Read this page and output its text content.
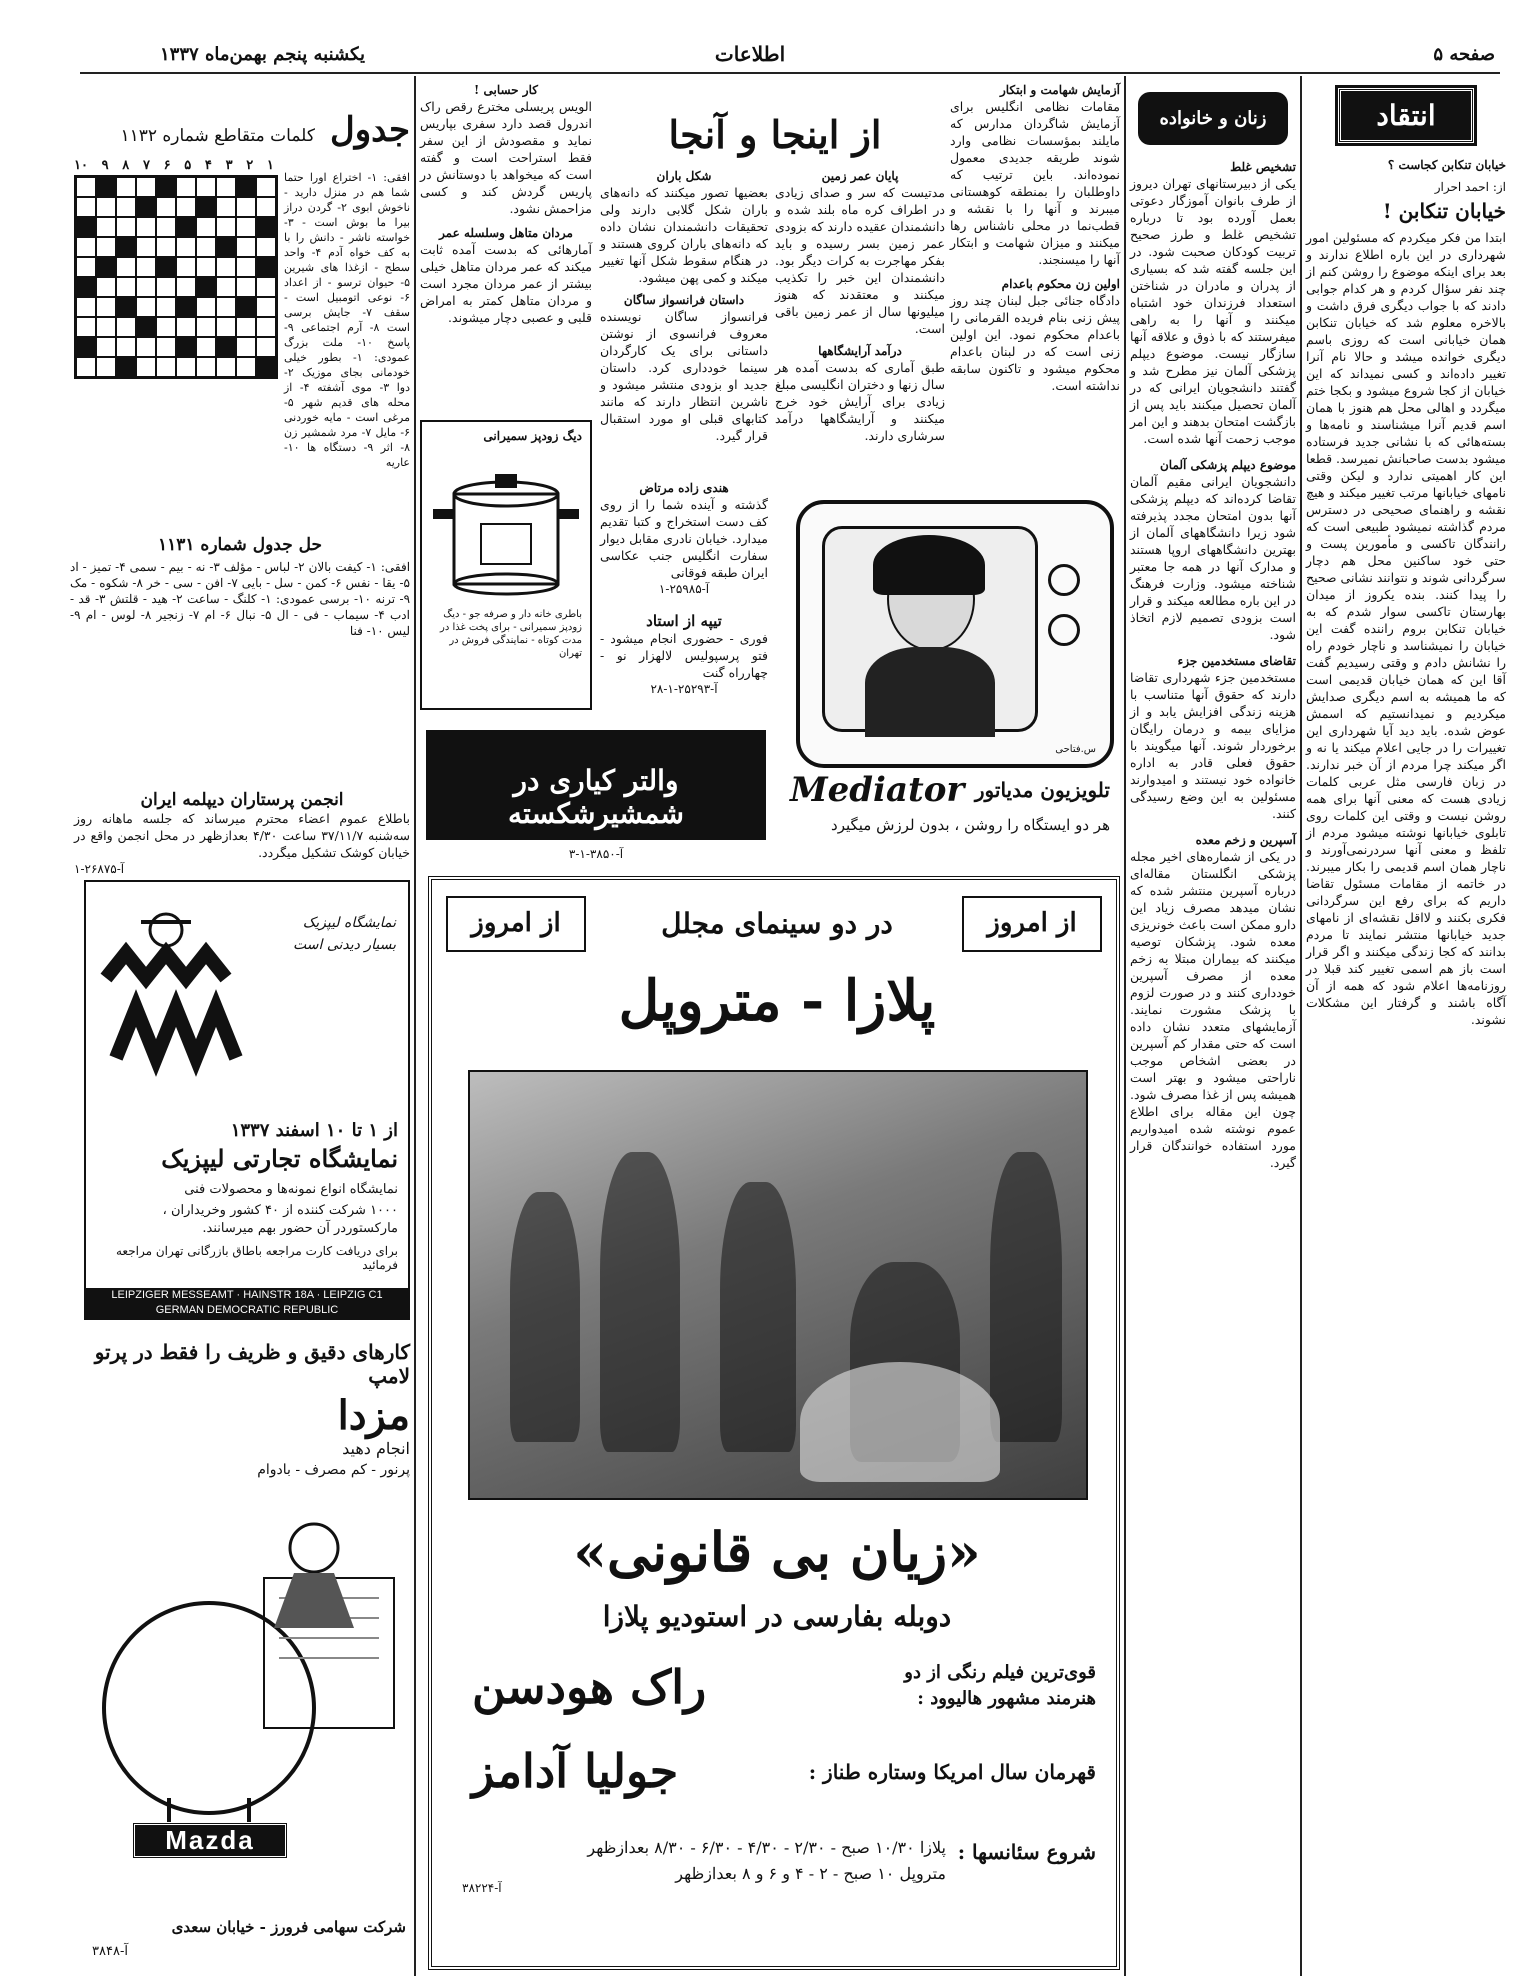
صفحه ۵
اطلاعات
یکشنبه پنجم بهمن‌ماه ۱۳۳۷
انتقاد
خیابان تنکابن کجاست ؟
از: احمد احرار
خیابان تنکابن !
ابتدا من فکر میکردم که مسئولین امور شهرداری در این باره اطلاع ندارند و بعد برای اینکه موضوع را روشن کنم از چند نفر سؤال کردم و هر کدام جوابی دادند که با جواب دیگری فرق داشت و بالاخره معلوم شد که خیابان تنکابن همان خیابانی است که روزی باسم دیگری خوانده میشد و حالا نام آنرا تغییر داده‌اند و کسی نمیداند که این خیابان از کجا شروع میشود و بکجا ختم میگردد و اهالی محل هم هنوز با همان اسم قدیم آنرا میشناسند و نامه‌ها و بسته‌هائی که با نشانی جدید فرستاده میشود بدست صاحبانش نمیرسد. قطعا این کار اهمیتی ندارد و لیکن وقتی نامهای خیابانها مرتب تغییر میکند و هیچ نقشه و راهنمای صحیحی در دسترس مردم گذاشته نمیشود طبیعی است که رانندگان تاکسی و مأمورین پست و حتی خود ساکنین محل هم دچار سرگردانی شوند و نتوانند نشانی صحیح را پیدا کنند. بنده یکروز از میدان بهارستان تاکسی سوار شدم که به خیابان تنکابن بروم راننده گفت این خیابان را نمیشناسد و ناچار خودم راه را نشانش دادم و وقتی رسیدیم گفت آقا این که همان خیابان قدیمی است که ما همیشه به اسم دیگری صدایش میکردیم و نمیدانستیم که اسمش عوض شده. باید دید آیا شهرداری این تغییرات را در جایی اعلام میکند یا نه و اگر میکند چرا مردم از آن خبر ندارند. در زبان فارسی مثل عربی کلمات زیادی هست که معنی آنها برای همه روشن نیست و وقتی این کلمات روی تابلوی خیابانها نوشته میشود مردم از تلفظ و معنی آنها سردرنمی‌آورند و ناچار همان اسم قدیمی را بکار میبرند. در خاتمه از مقامات مسئول تقاضا داریم که برای رفع این سرگردانی فکری بکنند و لااقل نقشه‌ای از نامهای جدید خیابانها منتشر نمایند تا مردم بدانند که کجا زندگی میکنند و اگر قرار است باز هم اسمی تغییر کند قبلا در روزنامه‌ها اعلام شود که همه از آن آگاه باشند و گرفتار این مشکلات نشوند.
زنان و خانواده
تشخیص غلط
یکی از دبیرستانهای تهران دیروز از طرف بانوان آموزگار دعوتی بعمل آورده بود تا درباره تشخیص غلط و طرز صحیح تربیت کودکان صحبت شود. در این جلسه گفته شد که بسیاری از پدران و مادران در شناختن استعداد فرزندان خود اشتباه میکنند و آنها را به راهی میفرستند که با ذوق و علاقه آنها سازگار نیست. موضوع دیپلم پزشکی آلمان نیز مطرح شد و گفتند دانشجویان ایرانی که در آلمان تحصیل میکنند باید پس از بازگشت امتحان بدهند و این امر موجب زحمت آنها شده است.
موضوع دیپلم پزشکی آلمان
دانشجویان ایرانی مقیم آلمان تقاضا کرده‌اند که دیپلم پزشکی آنها بدون امتحان مجدد پذیرفته شود زیرا دانشگاههای آلمان از بهترین دانشگاههای اروپا هستند و مدارک آنها در همه جا معتبر شناخته میشود. وزارت فرهنگ در این باره مطالعه میکند و قرار است بزودی تصمیم لازم اتخاذ شود.
تقاضای مستخدمین جزء
مستخدمین جزء شهرداری تقاضا دارند که حقوق آنها متناسب با هزینه زندگی افزایش یابد و از مزایای بیمه و درمان رایگان برخوردار شوند. آنها میگویند با حقوق فعلی قادر به اداره خانواده خود نیستند و امیدوارند مسئولین به این وضع رسیدگی کنند.
آسپرین و زخم معده
در یکی از شماره‌های اخیر مجله پزشکی انگلستان مقاله‌ای درباره آسپرین منتشر شده که نشان میدهد مصرف زیاد این دارو ممکن است باعث خونریزی معده شود. پزشکان توصیه میکنند که بیماران مبتلا به زخم معده از مصرف آسپرین خودداری کنند و در صورت لزوم با پزشک مشورت نمایند. آزمایشهای متعدد نشان داده است که حتی مقدار کم آسپرین در بعضی اشخاص موجب ناراحتی میشود و بهتر است همیشه پس از غذا مصرف شود. چون این مقاله برای اطلاع عموم نوشته شده امیدواریم مورد استفاده خوانندگان قرار گیرد.
آزمایش شهامت و ابتکار
مقامات نظامی انگلیس برای آزمایش شاگردان مدارس که مایلند بمؤسسات نظامی وارد شوند طریقه جدیدی معمول نموده‌اند. باین ترتیب که داوطلبان را بمنطقه کوهستانی میبرند و آنها را با نقشه و قطب‌نما در محلی ناشناس رها میکنند و میزان شهامت و ابتکار آنها را میسنجند.
اولین زن محکوم باعدام
دادگاه جنائی جبل لبنان چند روز پیش زنی بنام فریده القرمانی را باعدام محکوم نمود. این اولین زنی است که در لبنان باعدام محکوم میشود و تاکنون سابقه نداشته است.
از اینجا و آنجا
پایان عمر زمین
مدتیست که سر و صدای زیادی در اطراف کره ماه بلند شده و دانشمندان عقیده دارند که بزودی عمر زمین بسر رسیده و باید بفکر مهاجرت به کرات دیگر بود. دانشمندان این خبر را تکذیب میکنند و معتقدند که هنوز میلیونها سال از عمر زمین باقی است.
درآمد آرایشگاهها
طبق آماری که بدست آمده هر سال زنها و دختران انگلیسی مبلغ زیادی برای آرایش خود خرج میکنند و آرایشگاهها درآمد سرشاری دارند.
شکل باران
بعضیها تصور میکنند که دانه‌های باران شکل گلابی دارند ولی تحقیقات دانشمندان نشان داده که دانه‌های باران کروی هستند و در هنگام سقوط شکل آنها تغییر میکند و کمی پهن میشود.
داستان فرانسواز ساگان
فرانسواز ساگان نویسنده معروف فرانسوی از نوشتن داستانی برای یک کارگردان سینما خودداری کرد. داستان جدید او بزودی منتشر میشود و ناشرین انتظار دارند که مانند کتابهای قبلی او مورد استقبال قرار گیرد.
کار حسابی !
الویس پریسلی مخترع رقص راک اندرول قصد دارد سفری بپاریس نماید و مقصودش از این سفر فقط استراحت است و گفته است که میخواهد با دوستانش در پاریس گردش کند و کسی مزاحمش نشود.
مردان متاهل وسلسله عمر
آمارهائی که بدست آمده ثابت میکند که عمر مردان متاهل خیلی بیشتر از عمر مردان مجرد است و مردان متاهل کمتر به امراض قلبی و عصبی دچار میشوند.
دیگ زودپز سمیرانی
باطری خانه دار و صرفه جو - دیگ زودپز سمیرانی - برای پخت غذا در مدت کوتاه - نمایندگی فروش در تهران
هندی زاده مرتاض
گذشته و آینده شما را از روی کف دست استخراج و کتبا تقدیم میدارد. خیابان نادری مقابل دیوار سفارت انگلیس جنب عکاسی ایران طبقه فوقانی
آ-۲۵۹۸۵-۱
تیپه از استاد
فوری - حضوری انجام میشود - فتو پرسپولیس لالهزار نو - چهارراه گنت
آ-۲۵۲۹۳-۱-۲۸
س.فتاحی
Mediator تلویزیون مدیاتور
هر دو ایستگاه را روشن ، بدون لرزش میگیرد
والتر کیاری در شمشیرشکسته
آ-۳۸۵۰-۱-۳
جدول کلمات متقاطع شماره ۱۱۳۲
۱
۲
۳
۴
۵
۶
۷
۸
۹
۱۰
افقی: ۱- اختراع اورا حتما شما هم در منزل دارید - ناخوش ابوی ۲- گردن دراز بیرا ما بوش است - ۳- خواسته ناشر - دانش را با به کف خواه آدم ۴- واحد سطح - ازغذا های شیرین ۵- حیوان ترسو - از اعداد ۶- نوعی اتومبیل است - سقف ۷- جایش برسی است ۸- آرم اجتماعی ۹- پاسخ ۱۰- ملت بزرگ عمودی: ۱- بطور خیلی خودمانی بجای موزیک ۲- دوا ۳- موی آشفته ۴- از محله های قدیم شهر ۵- مرغی است - مایه خوردنی ۶- مایل ۷- مرد شمشیر زن ۸- اثر ۹- دستگاه ها ۱۰- عاریه
حل جدول شماره ۱۱۳۱
افقی: ۱- کیفت بالان ۲- لباس - مؤلف ۳- نه - بیم - سمی ۴- تمیز - اد ۵- یقا - نفس ۶- کمن - سل - بایی ۷- افن - سی - خر ۸- شکوه - مک ۹- ترنه ۱۰- برسی عمودی: ۱- کلنگ - ساعت ۲- هید - قلتش ۳- قد - ادب ۴- سیماب - فی - ال ۵- نبال ۶- ام ۷- زنجیر ۸- لوس - ام ۹- لیس ۱۰- فنا
انجمن پرستاران دیپلمه ایران
باطلاع عموم اعضاء محترم میرساند که جلسه ماهانه روز سه‌شنبه ۳۷/۱۱/۷ ساعت ۴/۳۰ بعدازظهر در محل انجمن واقع در خیابان کوشک تشکیل میگردد.
آ-۲۶۸۷۵-۱
نمایشگاه لیپزیک بسیار دیدنی است
از ۱ تا ۱۰ اسفند ۱۳۳۷
نمایشگاه تجارتی لیپزیک
نمایشگاه انواع نمونه‌ها و محصولات فنی
۱۰۰۰ شرکت کننده از ۴۰ کشور وخریداران ، مارکستوردر آن حضور بهم میرسانند.
برای دریافت کارت مراجعه باطاق بازرگانی تهران مراجعه فرمائید
LEIPZIGER MESSEAMT · HAINSTR 18A · LEIPZIG C1
GERMAN DEMOCRATIC REPUBLIC
کارهای دقیق و ظریف را فقط در پرتو لامپ
مزدا
انجام دهید
پرنور - کم مصرف - بادوام
Mazda
شرکت سهامی فرورز - خیابان سعدی
آ-۳۸۴۸
از امروز
در دو سینمای مجلل
از امروز
پلازا - متروپل
«زیان بی قانونی»
دوبله بفارسی در استودیو پلازا
قوی‌ترین فیلم رنگی از دو
هنرمند مشهور هالیوود :
راک هودسن
قهرمان سال امریکا وستاره طناز :
جولیا آدامز
شروع سئانسها :
پلازا ۱۰/۳۰ صبح - ۲/۳۰ - ۴/۳۰ - ۶/۳۰ - ۸/۳۰ بعدازظهر
متروپل ۱۰ صبح - ۲ - ۴ و ۶ و ۸ بعدازظهر
آ-۳۸۲۲۴
